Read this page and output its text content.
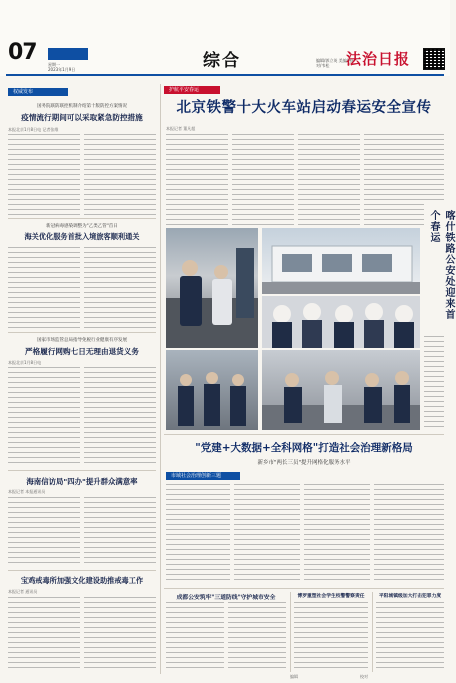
07	星期一
2023年1月9日	综合	编辑/郭立英 美编/ 校对/韦松	法治日报
权威发布
国务院联防联控机制介绍第十版防控方案情况
疫情流行期间可以采取紧急防控措施
本报北京1月8日电 记者张维
新冠病毒感染调整为"乙类乙管"首日
海关优化服务首批入境旅客顺利通关
国家市场监管总局指导免税行业健康有序发展
严格履行网购七日无理由退货义务
本报北京1月8日电
海南信访局"四办"提升群众满意率
本报记者 本报通讯员
宝鸡戒毒所加强文化建设助推戒毒工作
本报记者 通讯员
护航平安春运
北京铁警十大火车站启动春运安全宣传
本报记者 董凡超
喀什铁路公安处迎来首个春运
"党建+大数据+全科网格"打造社会治理新格局
新乡市"两长三员"提升网格化服务水平
市域社会治理创新三题
成都公安筑牢"三道防线"守护城市安全	博罗重塑社会学生校警警察责任	平阳城镇级加大打击犯罪力度
编辑	校对
